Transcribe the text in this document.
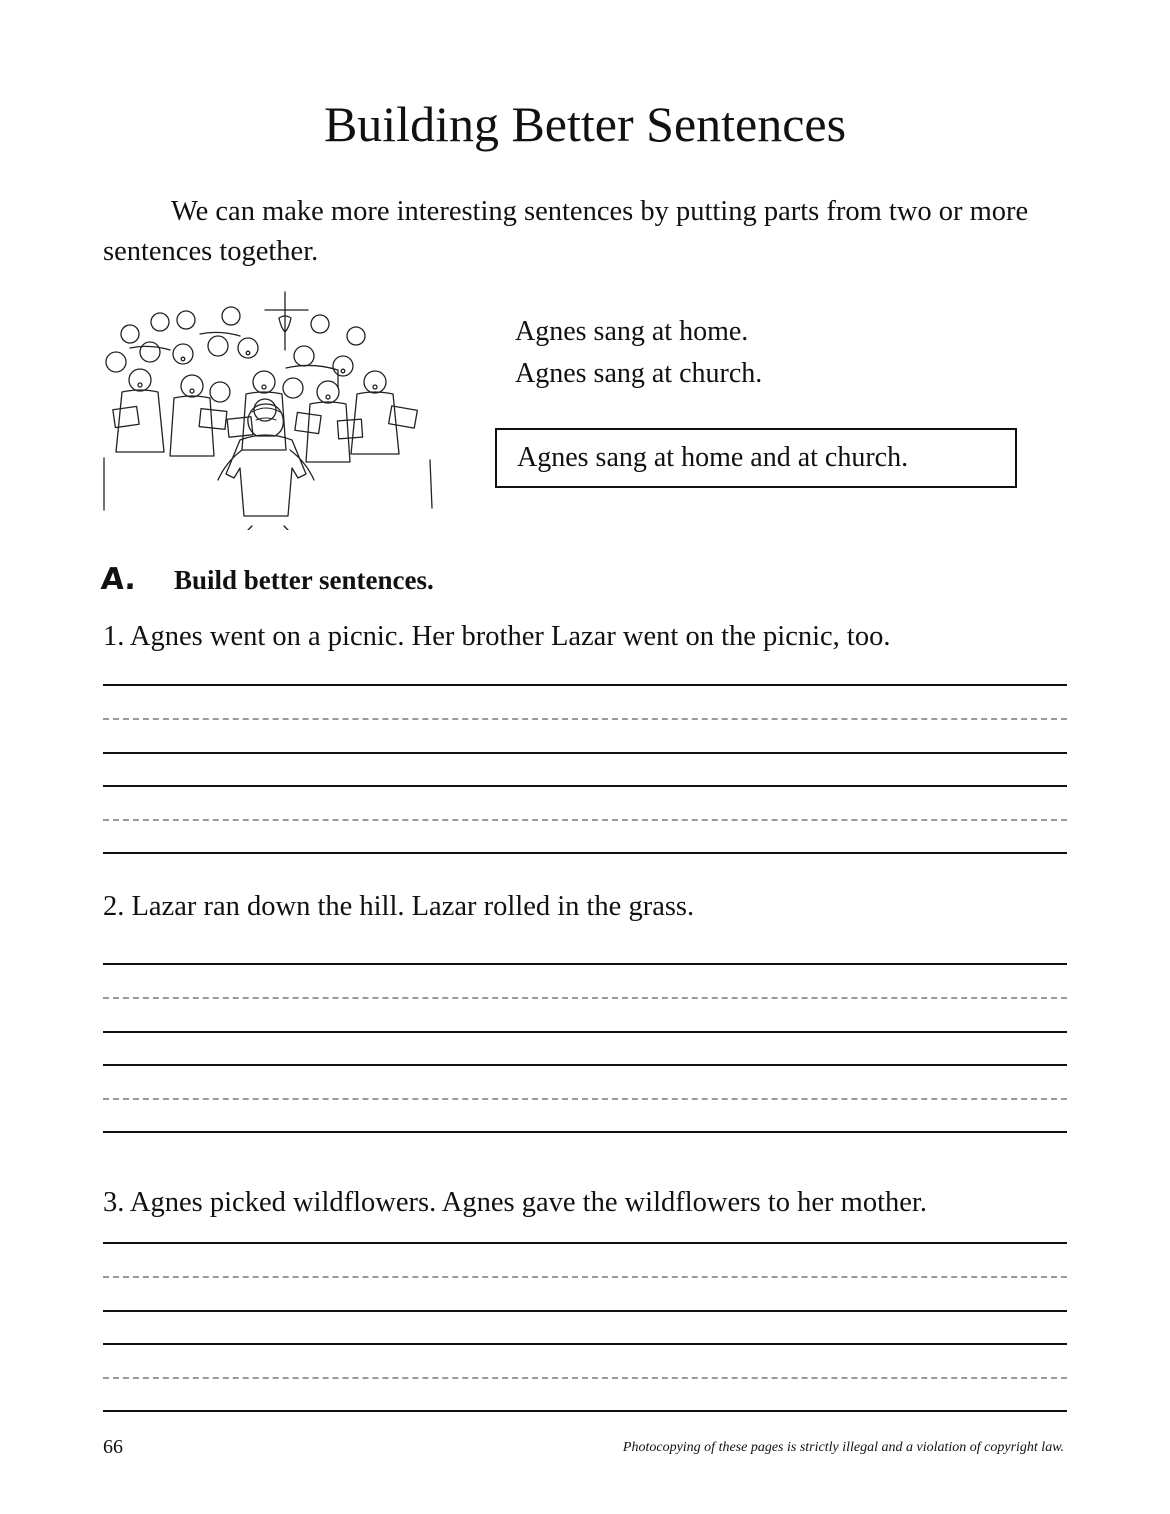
Building Better Sentences
We can make more interesting sentences by putting parts from two or more sentences together.
Agnes sang at home.
Agnes sang at church.
Agnes sang at home and at church.
A. Build better sentences.
1. Agnes went on a picnic. Her brother Lazar went on the picnic, too.
2. Lazar ran down the hill. Lazar rolled in the grass.
3. Agnes picked wildflowers. Agnes gave the wildflowers to her mother.
66	Photocopying of these pages is strictly illegal and a violation of copyright law.
